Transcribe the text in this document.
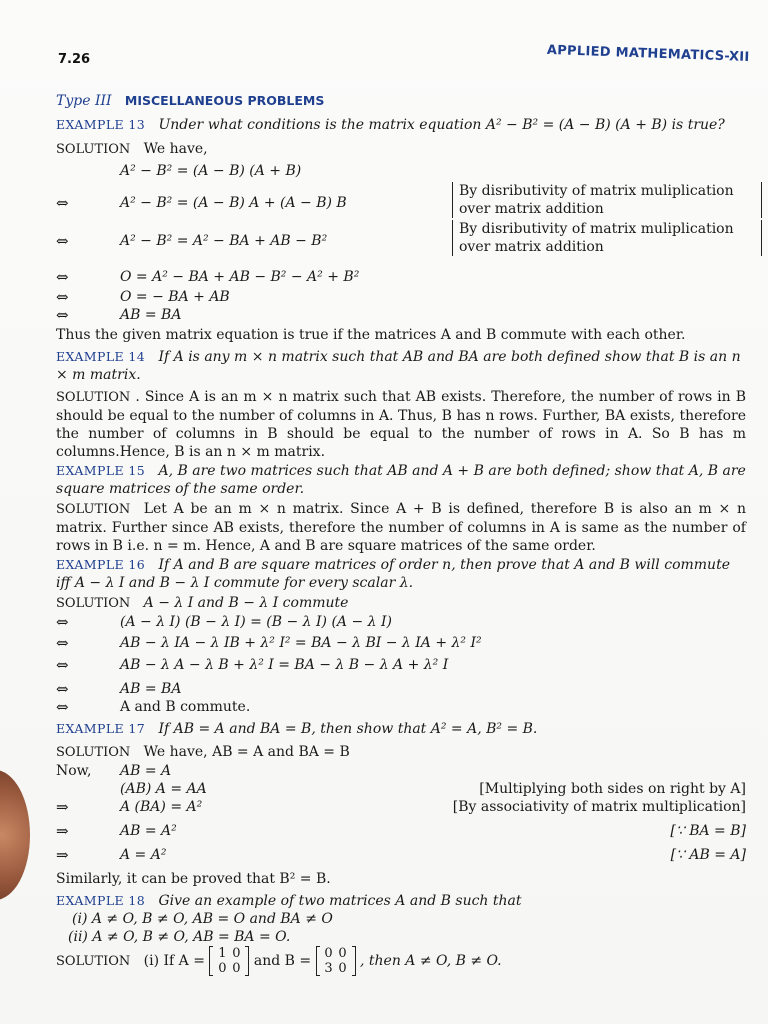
7.26	APPLIED MATHEMATICS-XII
Type III MISCELLANEOUS PROBLEMS
EXAMPLE 13 Under what conditions is the matrix equation A² − B² = (A − B) (A + B) is true?
SOLUTION We have,
A² − B² = (A − B) (A + B)
⇔	A² − B² = (A − B) A + (A − B) B
By disributivity of matrix muliplication over matrix addition
⇔	A² − B² = A² − BA + AB − B²
By disributivity of matrix muliplication over matrix addition
⇔	O = A² − BA + AB − B² − A² + B²
⇔	O = − BA + AB
⇔	AB = BA
Thus the given matrix equation is true if the matrices A and B commute with each other.
EXAMPLE 14 If A is any m × n matrix such that AB and BA are both defined show that B is an n × m matrix.
SOLUTION . Since A is an m × n matrix such that AB exists. Therefore, the number of rows in B should be equal to the number of columns in A. Thus, B has n rows. Further, BA exists, therefore the number of columns in B should be equal to the number of rows in A. So B has m columns.Hence, B is an n × m matrix.
EXAMPLE 15 A, B are two matrices such that AB and A + B are both defined; show that A, B are square matrices of the same order.
SOLUTION Let A be an m × n matrix. Since A + B is defined, therefore B is also an m × n matrix. Further since AB exists, therefore the number of columns in A is same as the number of rows in B i.e. n = m. Hence, A and B are square matrices of the same order.
EXAMPLE 16 If A and B are square matrices of order n, then prove that A and B will commute iff A − λ I and B − λ I commute for every scalar λ.
SOLUTION A − λ I and B − λ I commute
⇔	(A − λ I) (B − λ I) = (B − λ I) (A − λ I)
⇔	AB − λ IA − λ IB + λ² I² = BA − λ BI − λ IA + λ² I²
⇔	AB − λ A − λ B + λ² I = BA − λ B − λ A + λ² I
⇔	AB = BA
⇔	A and B commute.
EXAMPLE 17 If AB = A and BA = B, then show that A² = A, B² = B.
SOLUTION We have, AB = A and BA = B
Now, AB = A
(AB) A = AA	[Multiplying both sides on right by A]
⇒	A (BA) = A²	[By associativity of matrix multiplication]
⇒	AB = A²	[∵ BA = B]
⇒	A = A²	[∵ AB = A]
Similarly, it can be proved that B² = B.
EXAMPLE 18 Give an example of two matrices A and B such that
(i) A ≠ O, B ≠ O, AB = O and BA ≠ O
(ii) A ≠ O, B ≠ O, AB = BA = O.
SOLUTION (i) If A = 1 0
0 0 and B = 0 0
3 0 , then A ≠ O, B ≠ O.
